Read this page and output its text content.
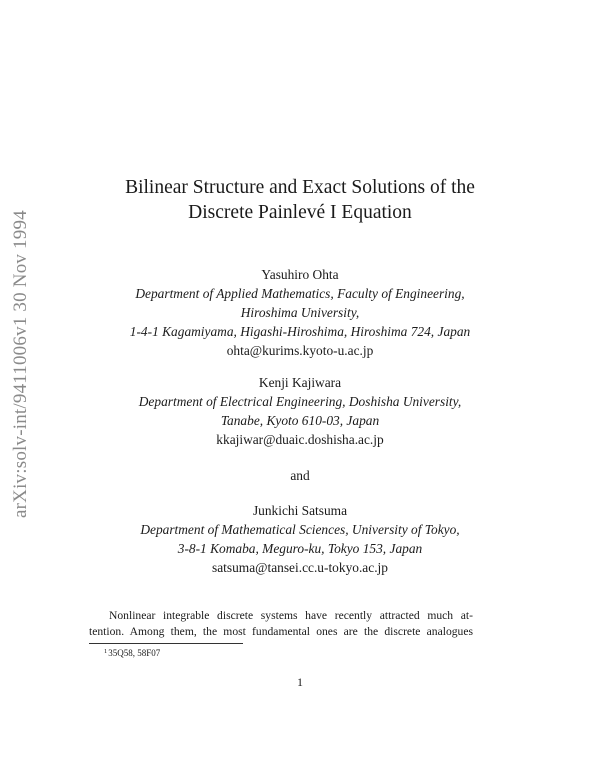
arXiv:solv-int/9411006v1 30 Nov 1994
Bilinear Structure and Exact Solutions of the
Discrete Painlevé I Equation
Yasuhiro Ohta
Department of Applied Mathematics, Faculty of Engineering,
Hiroshima University,
1-4-1 Kagamiyama, Higashi-Hiroshima, Hiroshima 724, Japan
ohta@kurims.kyoto-u.ac.jp
Kenji Kajiwara
Department of Electrical Engineering, Doshisha University,
Tanabe, Kyoto 610-03, Japan
kkajiwar@duaic.doshisha.ac.jp
and
Junkichi Satsuma
Department of Mathematical Sciences, University of Tokyo,
3-8-1 Komaba, Meguro-ku, Tokyo 153, Japan
satsuma@tansei.cc.u-tokyo.ac.jp
Nonlinear integrable discrete systems have recently attracted much at-
tention. Among them, the most fundamental ones are the discrete analogues
$^1$35Q58, 58F07
1
